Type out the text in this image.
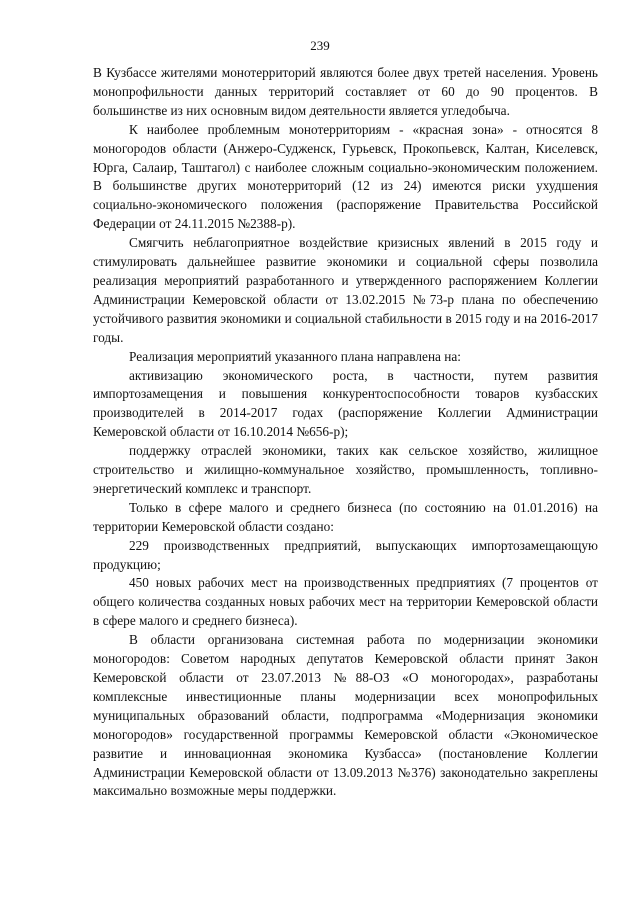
239

В Кузбассе жителями монотерриторий являются более двух третей населения. Уровень монопрофильности данных территорий составляет от 60 до 90 процентов. В большинстве из них основным видом деятельности является угледобыча.

К наиболее проблемным монотерриториям - «красная зона» - относятся 8 моногородов области (Анжеро-Судженск, Гурьевск, Прокопьевск, Калтан, Киселевск, Юрга, Салаир, Таштагол) с наиболее сложным социально-экономическим положением. В большинстве других монотерриторий (12 из 24) имеются риски ухудшения социально-экономического положения (распоряжение Правительства Российской Федерации от 24.11.2015 №2388-р).

Смягчить неблагоприятное воздействие кризисных явлений в 2015 году и стимулировать дальнейшее развитие экономики и социальной сферы позволила реализация мероприятий разработанного и утвержденного распоряжением Коллегии Администрации Кемеровской области от 13.02.2015 №73-р плана по обеспечению устойчивого развития экономики и социальной стабильности в 2015 году и на 2016-2017 годы.

Реализация мероприятий указанного плана направлена на:

активизацию экономического роста, в частности, путем развития импортозамещения и повышения конкурентоспособности товаров кузбасских производителей в 2014-2017 годах (распоряжение Коллегии Администрации Кемеровской области от 16.10.2014 №656-р);

поддержку отраслей экономики, таких как сельское хозяйство, жилищное строительство и жилищно-коммунальное хозяйство, промышленность, топливно-энергетический комплекс и транспорт.

Только в сфере малого и среднего бизнеса (по состоянию на 01.01.2016) на территории Кемеровской области создано:

229 производственных предприятий, выпускающих импортозамещающую продукцию;

450 новых рабочих мест на производственных предприятиях (7 процентов от общего количества созданных новых рабочих мест на территории Кемеровской области в сфере малого и среднего бизнеса).

В области организована системная работа по модернизации экономики моногородов: Советом народных депутатов Кемеровской области принят Закон Кемеровской области от 23.07.2013 №88-ОЗ «О моногородах», разработаны комплексные инвестиционные планы модернизации всех монопрофильных муниципальных образований области, подпрограмма «Модернизация экономики моногородов» государственной программы Кемеровской области «Экономическое развитие и инновационная экономика Кузбасса» (постановление Коллегии Администрации Кемеровской области от 13.09.2013 №376) законодательно закреплены максимально возможные меры поддержки.
